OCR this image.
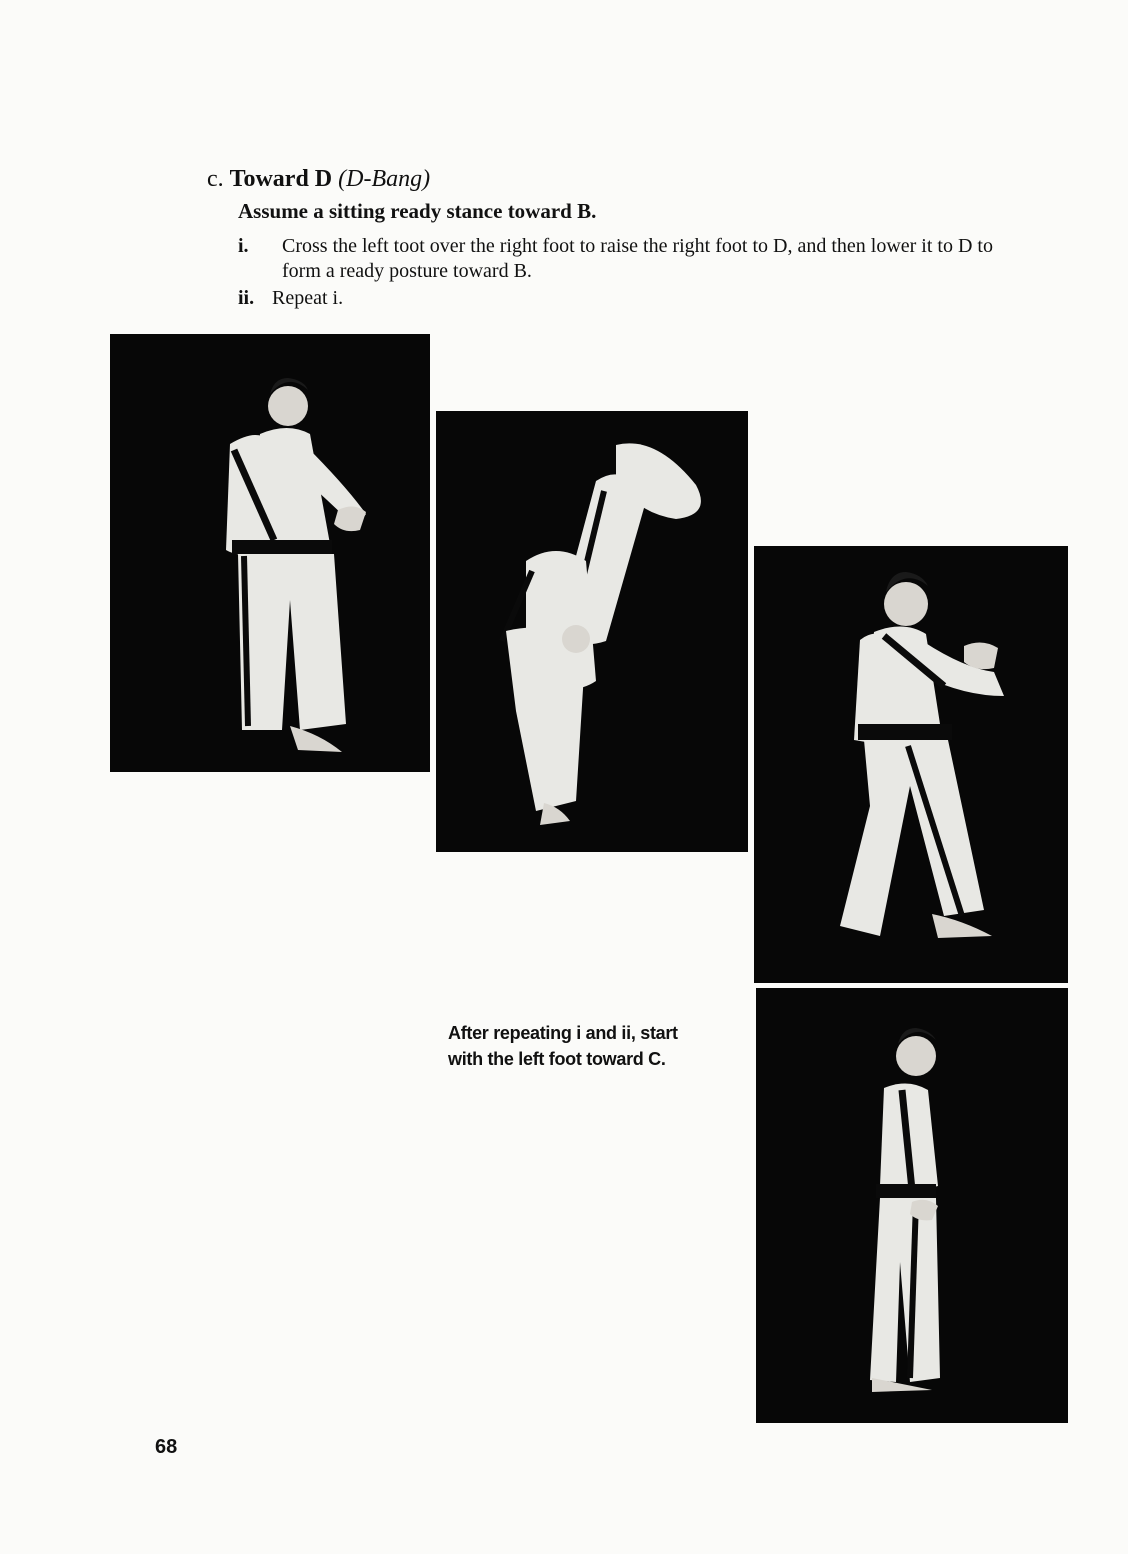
c. Toward D (D-Bang)
Assume a sitting ready stance toward B.
i. Cross the left toot over the right foot to raise the right foot to D, and then lower it to D to form a ready posture toward B.
ii. Repeat i.
After repeating i and ii, start
with the left foot toward C.
68
